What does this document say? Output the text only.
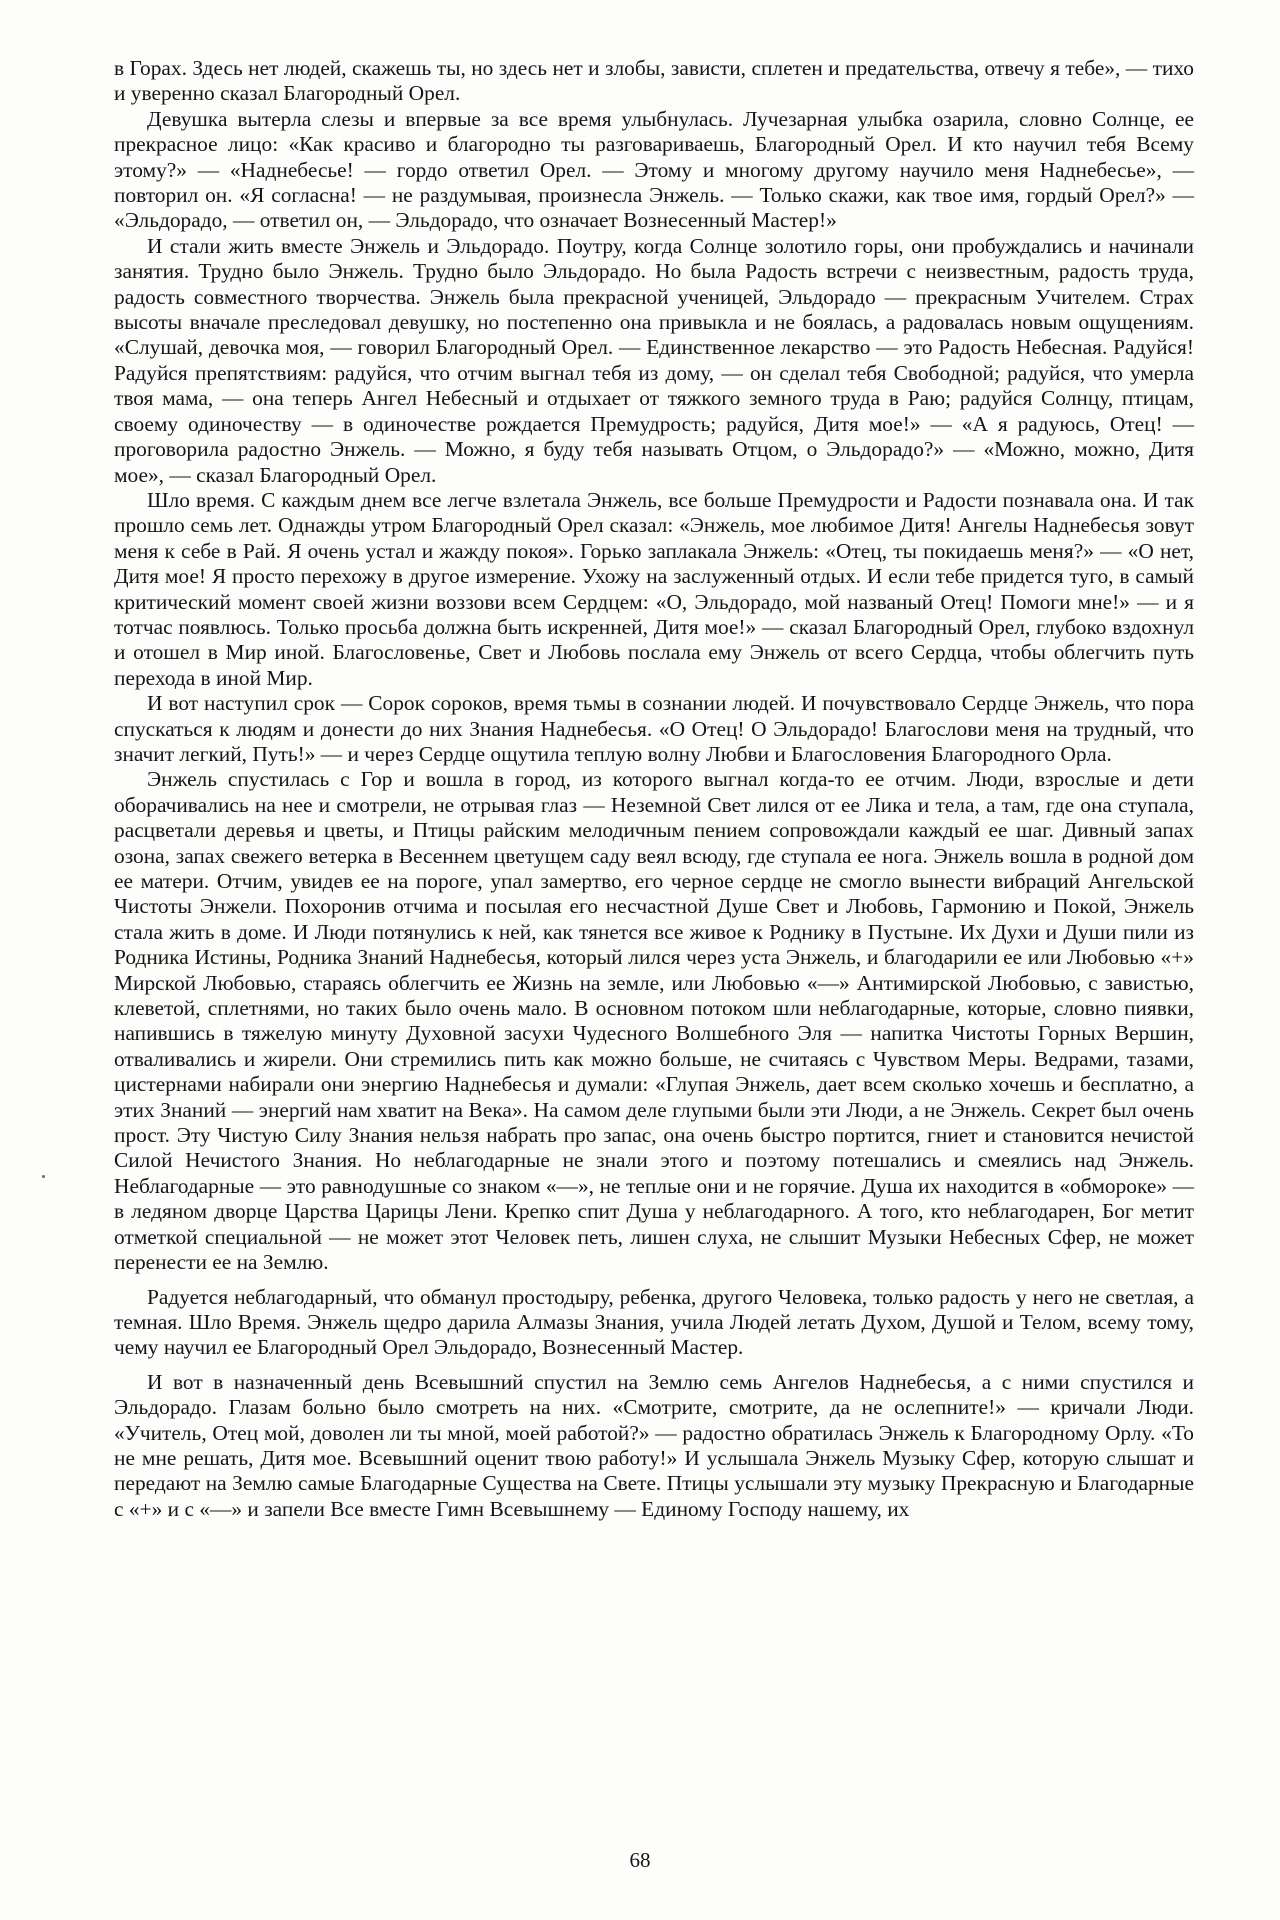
в Горах. Здесь нет людей, скажешь ты, но здесь нет и злобы, зависти, сплетен и предательства, отвечу я тебе», — тихо и уверенно сказал Благородный Орел.

Девушка вытерла слезы и впервые за все время улыбнулась. Лучезарная улыбка озарила, словно Солнце, ее прекрасное лицо: «Как красиво и благородно ты разговариваешь, Благородный Орел. И кто научил тебя Всему этому?» — «Наднебесье! — гордо ответил Орел. — Этому и многому другому научило меня Наднебесье», — повторил он. «Я согласна! — не раздумывая, произнесла Энжель. — Только скажи, как твое имя, гордый Орел?» — «Эльдорадо, — ответил он, — Эльдорадо, что означает Вознесенный Мастер!»

И стали жить вместе Энжель и Эльдорадо. Поутру, когда Солнце золотило горы, они пробуждались и начинали занятия. Трудно было Энжель. Трудно было Эльдорадо. Но была Радость встречи с неизвестным, радость труда, радость совместного творчества. Энжель была прекрасной ученицей, Эльдорадо — прекрасным Учителем. Страх высоты вначале преследовал девушку, но постепенно она привыкла и не боялась, а радовалась новым ощущениям. «Слушай, девочка моя, — говорил Благородный Орел. — Единственное лекарство — это Радость Небесная. Радуйся! Радуйся препятствиям: радуйся, что отчим выгнал тебя из дому, — он сделал тебя Свободной; радуйся, что умерла твоя мама, — она теперь Ангел Небесный и отдыхает от тяжкого земного труда в Раю; радуйся Солнцу, птицам, своему одиночеству — в одиночестве рождается Премудрость; радуйся, Дитя мое!» — «А я радуюсь, Отец! — проговорила радостно Энжель. — Можно, я буду тебя называть Отцом, о Эльдорадо?» — «Можно, можно, Дитя мое», — сказал Благородный Орел.

Шло время. С каждым днем все легче взлетала Энжель, все больше Премудрости и Радости познавала она. И так прошло семь лет. Однажды утром Благородный Орел сказал: «Энжель, мое любимое Дитя! Ангелы Наднебесья зовут меня к себе в Рай. Я очень устал и жажду покоя». Горько заплакала Энжель: «Отец, ты покидаешь меня?» — «О нет, Дитя мое! Я просто перехожу в другое измерение. Ухожу на заслуженный отдых. И если тебе придется туго, в самый критический момент своей жизни воззови всем Сердцем: «О, Эльдорадо, мой названый Отец! Помоги мне!» — и я тотчас появлюсь. Только просьба должна быть искренней, Дитя мое!» — сказал Благородный Орел, глубоко вздохнул и отошел в Мир иной. Благословенье, Свет и Любовь послала ему Энжель от всего Сердца, чтобы облегчить путь перехода в иной Мир.

И вот наступил срок — Сорок сороков, время тьмы в сознании людей. И почувствовало Сердце Энжель, что пора спускаться к людям и донести до них Знания Наднебесья. «О Отец! О Эльдорадо! Благослови меня на трудный, что значит легкий, Путь!» — и через Сердце ощутила теплую волну Любви и Благословения Благородного Орла.

Энжель спустилась с Гор и вошла в город, из которого выгнал когда-то ее отчим. Люди, взрослые и дети оборачивались на нее и смотрели, не отрывая глаз — Неземной Свет лился от ее Лика и тела, а там, где она ступала, расцветали деревья и цветы, и Птицы райским мелодичным пением сопровождали каждый ее шаг. Дивный запах озона, запах свежего ветерка в Весеннем цветущем саду веял всюду, где ступала ее нога. Энжель вошла в родной дом ее матери. Отчим, увидев ее на пороге, упал замертво, его черное сердце не смогло вынести вибраций Ангельской Чистоты Энжели. Похоронив отчима и посылая его несчастной Душе Свет и Любовь, Гармонию и Покой, Энжель стала жить в доме. И Люди потянулись к ней, как тянется все живое к Роднику в Пустыне. Их Духи и Души пили из Родника Истины, Родника Знаний Наднебесья, который лился через уста Энжель, и благодарили ее или Любовью «+» Мирской Любовью, стараясь облегчить ее Жизнь на земле, или Любовью «—» Антимирской Любовью, с завистью, клеветой, сплетнями, но таких было очень мало. В основном потоком шли неблагодарные, которые, словно пиявки, напившись в тяжелую минуту Духовной засухи Чудесного Волшебного Эля — напитка Чистоты Горных Вершин, отваливались и жирели. Они стремились пить как можно больше, не считаясь с Чувством Меры. Ведрами, тазами, цистернами набирали они энергию Наднебесья и думали: «Глупая Энжель, дает всем сколько хочешь и бесплатно, а этих Знаний — энергий нам хватит на Века». На самом деле глупыми были эти Люди, а не Энжель. Секрет был очень прост. Эту Чистую Силу Знания нельзя набрать про запас, она очень быстро портится, гниет и становится нечистой Силой Нечистого Знания. Но неблагодарные не знали этого и поэтому потешались и смеялись над Энжель. Неблагодарные — это равнодушные со знаком «—», не теплые они и не горячие. Душа их находится в «обмороке» — в ледяном дворце Царства Царицы Лени. Крепко спит Душа у неблагодарного. А того, кто неблагодарен, Бог метит отметкой специальной — не может этот Человек петь, лишен слуха, не слышит Музыки Небесных Сфер, не может перенести ее на Землю.

Радуется неблагодарный, что обманул простодыру, ребенка, другого Человека, только радость у него не светлая, а темная. Шло Время. Энжель щедро дарила Алмазы Знания, учила Людей летать Духом, Душой и Телом, всему тому, чему научил ее Благородный Орел Эльдорадо, Вознесенный Мастер.

И вот в назначенный день Всевышний спустил на Землю семь Ангелов Наднебесья, а с ними спустился и Эльдорадо. Глазам больно было смотреть на них. «Смотрите, смотрите, да не ослепните!» — кричали Люди. «Учитель, Отец мой, доволен ли ты мной, моей работой?» — радостно обратилась Энжель к Благородному Орлу. «То не мне решать, Дитя мое. Всевышний оценит твою работу!» И услышала Энжель Музыку Сфер, которую слышат и передают на Землю самые Благодарные Существа на Свете. Птицы услышали эту музыку Прекрасную и Благодарные с «+» и с «—» и запели Все вместе Гимн Всевышнему — Единому Господу нашему, их

68
